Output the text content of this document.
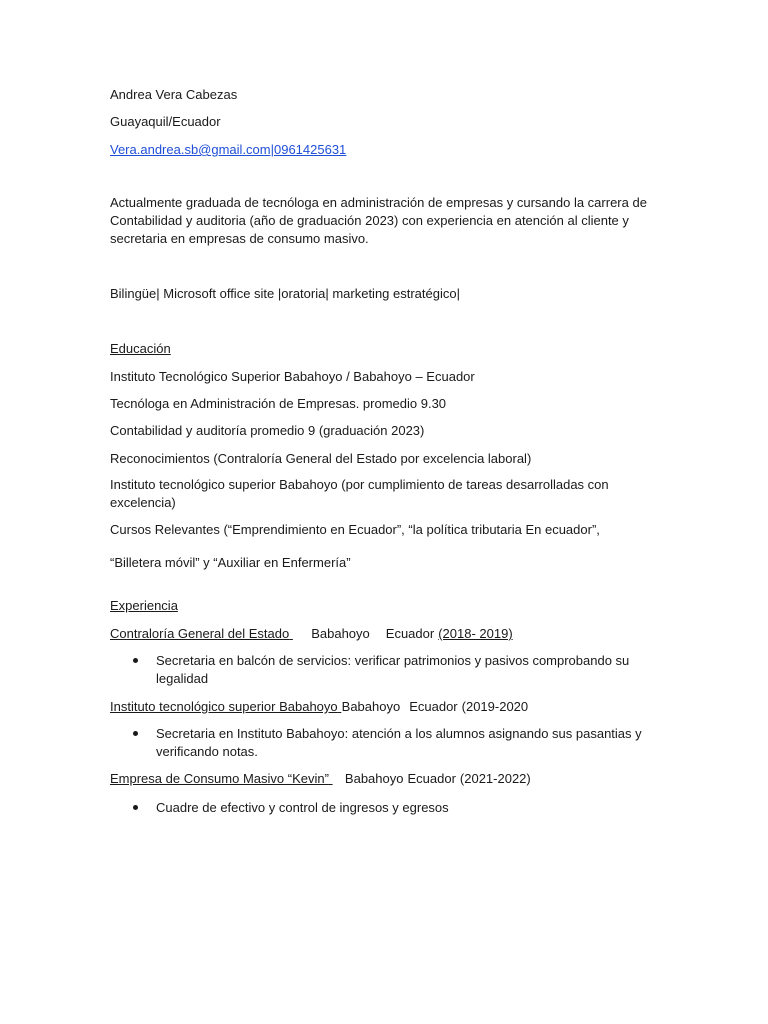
Andrea Vera Cabezas
Guayaquil/Ecuador
Vera.andrea.sb@gmail.com|0961425631
Actualmente graduada de tecnóloga en administración de empresas y cursando la carrera de Contabilidad y auditoria (año de graduación 2023) con experiencia en atención al cliente y secretaria en empresas de consumo masivo.
Bilingüe| Microsoft office site |oratoria| marketing estratégico|
Educación
Instituto Tecnológico Superior Babahoyo / Babahoyo – Ecuador
Tecnóloga en Administración de Empresas. promedio 9.30
Contabilidad y auditoría promedio 9 (graduación 2023)
Reconocimientos (Contraloría General del Estado por excelencia laboral)
Instituto tecnológico superior Babahoyo (por cumplimiento de tareas desarrolladas con excelencia)
Cursos Relevantes (“Emprendimiento en Ecuador”, “la política tributaria En ecuador”,
“Billetera móvil” y “Auxiliar en Enfermería”
Experiencia
Contraloría General del Estado Babahoyo Ecuador (2018- 2019)
Secretaria en balcón de servicios: verificar patrimonios y pasivos comprobando su legalidad
Instituto tecnológico superior Babahoyo Babahoyo Ecuador (2019-2020
Secretaria en Instituto Babahoyo: atención a los alumnos asignando sus pasantias y verificando notas.
Empresa de Consumo Masivo “Kevin” Babahoyo Ecuador (2021-2022)
Cuadre de efectivo y control de ingresos y egresos
